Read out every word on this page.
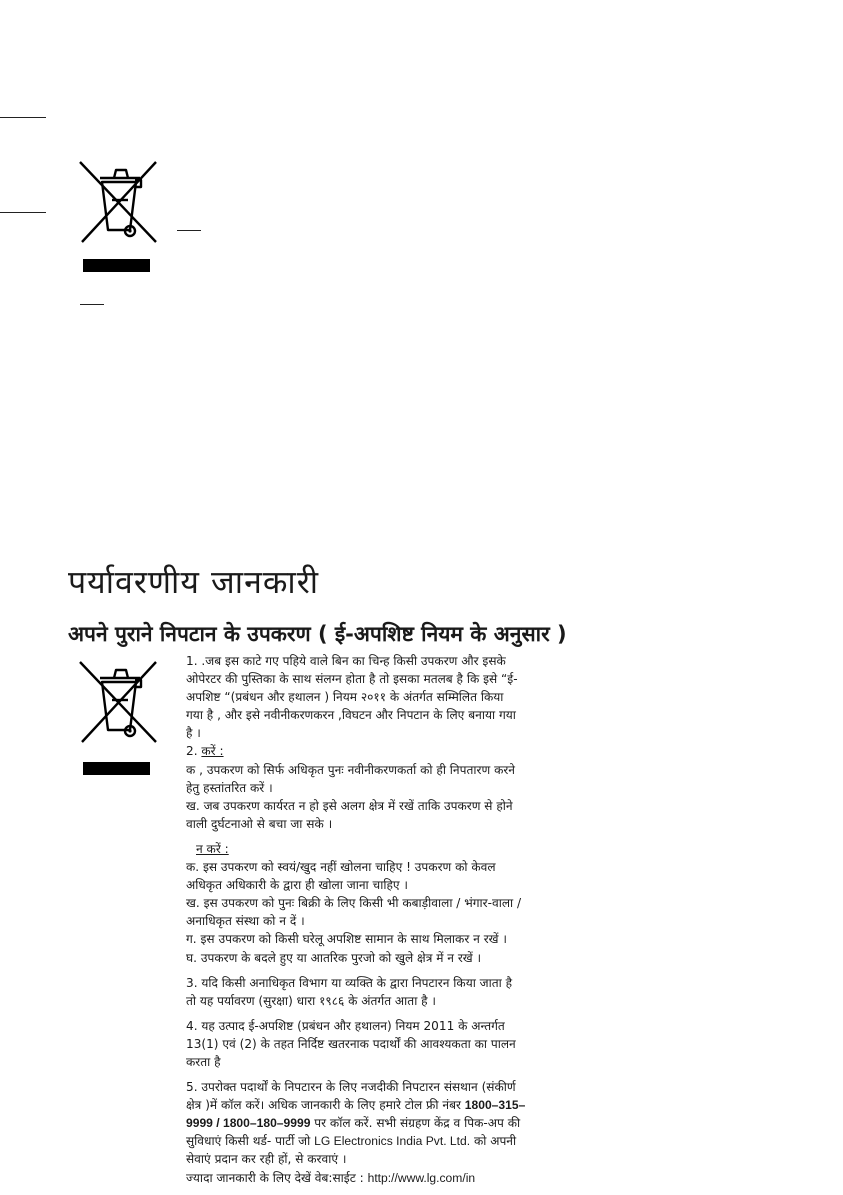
पर्यावरणीय जानकारी
अपने पुराने निपटान के उपकरण ( ई-अपशिष्ट नियम के अनुसार )

1. .जब इस काटे गए पहिये वाले बिन का चिन्ह किसी उपकरण और इसके

ओपेरटर की पुस्तिका के साथ संलग्न होता है तो इसका मतलब है कि इसे “ई-

अपशिष्ट “(प्रबंधन और हथालन ) नियम २०११ के अंतर्गत सम्मिलित किया

गया है , और इसे नवीनीकरणकरन ,विघटन और निपटान के लिए बनाया गया

है ।

2. करें :

क , उपकरण को सिर्फ अधिकृत पुनः नवीनीकरणकर्ता को ही निपतारण करने

हेतु हस्तांतरित करें ।

ख. जब उपकरण कार्यरत न हो इसे अलग क्षेत्र में रखें ताकि उपकरण से होने

वाली दुर्घटनाओ से बचा जा सके ।

न करें :

क. इस उपकरण को स्वयं/खुद नहीं खोलना चाहिए ! उपकरण को केवल

अधिकृत अधिकारी के द्वारा ही खोला जाना चाहिए ।

ख. इस उपकरण को पुनः बिक्री के लिए किसी भी कबाड़ीवाला / भंगार-वाला /

अनाधिकृत संस्था को न दें ।

ग. इस उपकरण को किसी घरेलू अपशिष्ट सामान के साथ मिलाकर न रखें ।

घ. उपकरण के बदले हुए या आतरिक पुरजो को खुले क्षेत्र में न रखें ।

3. यदि किसी अनाधिकृत विभाग या व्यक्ति के द्वारा निपटारन किया जाता है

तो यह पर्यावरण (सुरक्षा) धारा १९८६ के अंतर्गत आता है ।

4. यह उत्पाद ई-अपशिष्ट (प्रबंधन और हथालन) नियम 2011 के अन्तर्गत

13(1) एवं (2) के तहत निर्दिष्ट खतरनाक पदार्थों की आवश्यकता का पालन

करता है

5. उपरोक्त पदार्थों के निपटारन के लिए नजदीकी निपटारन संसथान (संकीर्ण

क्षेत्र )में कॉल करें। अधिक जानकारी के लिए हमारे टोल फ्री नंबर 1800–315–

9999 / 1800–180–9999 पर कॉल करें. सभी संग्रहण केंद्र व पिक-अप की

सुविधाएं किसी थर्ड- पार्टी जो LG Electronics India Pvt. Ltd. को अपनी

सेवाएं प्रदान कर रही हों, से करवाएं ।

ज्यादा जानकारी के लिए देखें वेब:साईट : http://www.lg.com/in
